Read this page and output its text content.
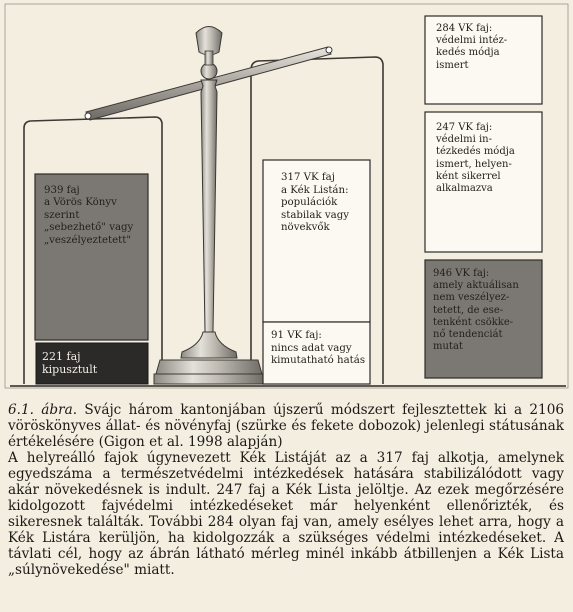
939 faj
a Vörös Könyv
szerint
„sebezhető" vagy
„veszélyeztetett"
221 faj
kipusztult
317 VK faj
a Kék Listán:
populációk
stabilak vagy
növekvők
91 VK faj:
nincs adat vagy
kimutatható hatás
284 VK faj:
védelmi intéz-
kedés módja
ismert
247 VK faj:
védelmi in-
tézkedés módja
ismert, helyen-
ként sikerrel
alkalmazva
946 VK faj:
amely aktuálisan
nem veszélyez-
tetett, de ese-
tenként csökke-
nő tendenciát
mutat

6.1. ábra. Svájc három kantonjában újszerű módszert fejlesztettek ki a 2106 vöröskönyves állat- és növényfaj (szürke és fekete dobozok) jelenlegi státusának értékelésére (Gigon et al. 1998 alapján)

A helyreálló fajok úgynevezett Kék Listáját az a 317 faj alkotja, amelynek egyedszáma a természetvédelmi intézkedések hatására stabilizálódott vagy akár növekedésnek is indult. 247 faj a Kék Lista jelöltje. Az ezek megőrzésére kidolgozott fajvédelmi intézkedéseket már helyenként ellenőrizték, és sikeresnek találták. További 284 olyan faj van, amely esélyes lehet arra, hogy a Kék Listára kerüljön, ha kidolgozzák a szükséges védelmi intézkedéseket. A távlati cél, hogy az ábrán látható mérleg minél inkább átbillenjen a Kék Lista „súlynövekedése" miatt.
